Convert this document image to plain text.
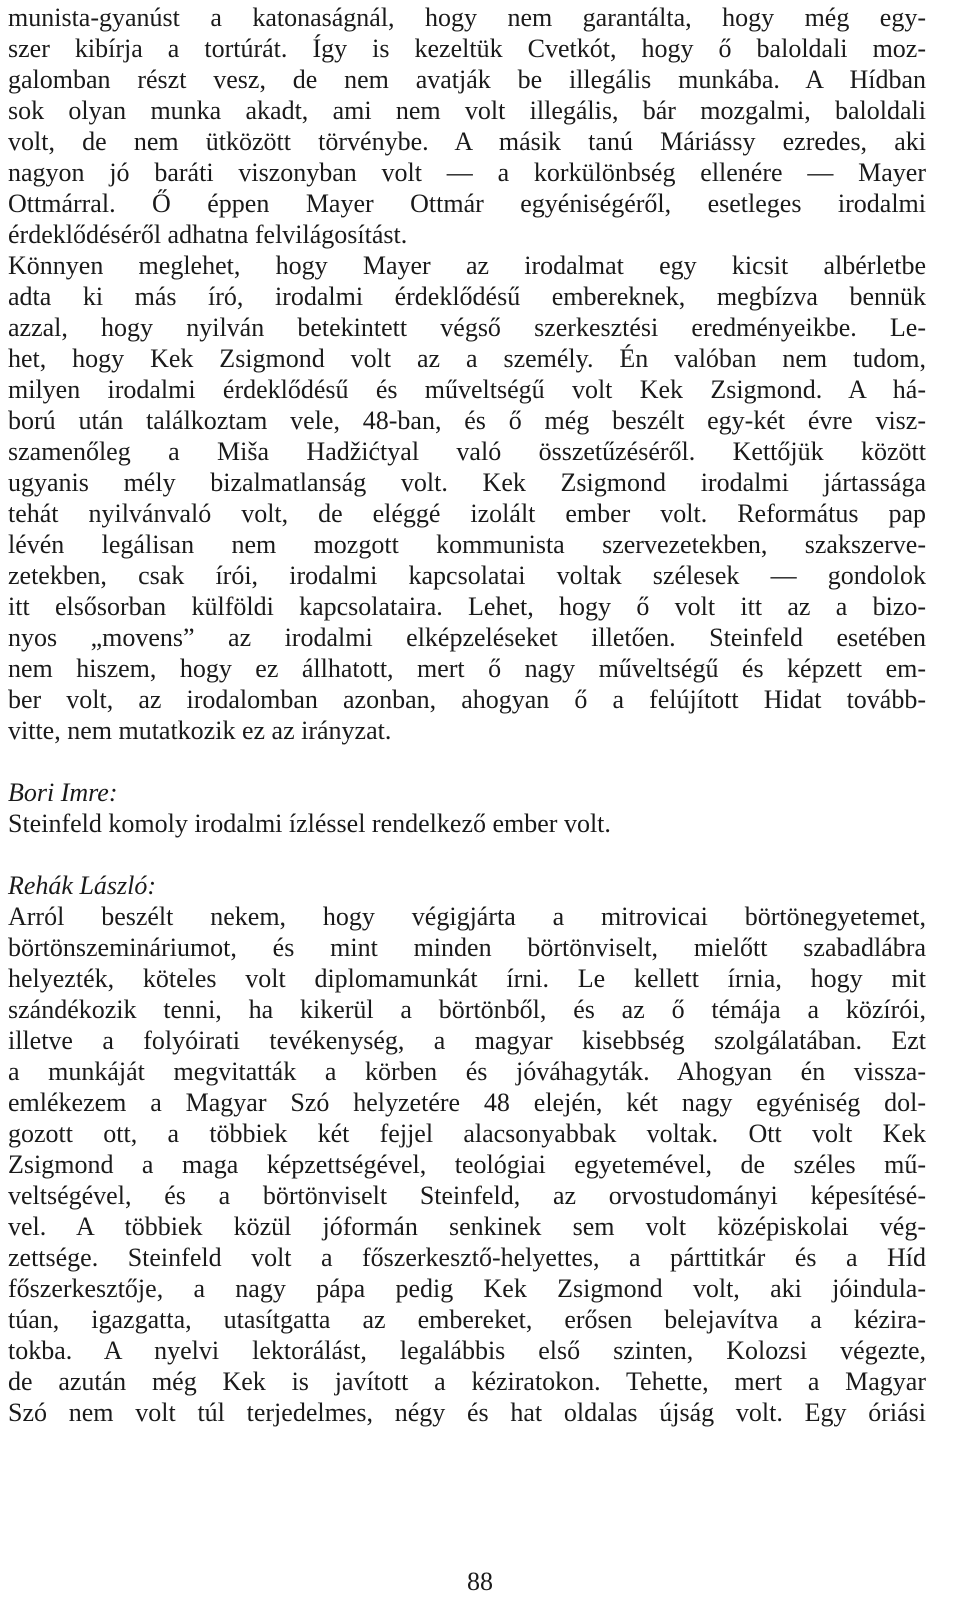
munista-gyanúst a katonaságnál, hogy nem garantálta, hogy még egy-
szer kibírja a tortúrát. Így is kezeltük Cvetkót, hogy ő baloldali moz-
galomban részt vesz, de nem avatják be illegális munkába. A Hídban
sok olyan munka akadt, ami nem volt illegális, bár mozgalmi, baloldali
volt, de nem ütközött törvénybe. A másik tanú Máriássy ezredes, aki
nagyon jó baráti viszonyban volt — a korkülönbség ellenére — Mayer
Ottmárral. Ő éppen Mayer Ottmár egyéniségéről, esetleges irodalmi
érdeklődéséről adhatna felvilágosítást.
Könnyen meglehet, hogy Mayer az irodalmat egy kicsit albérletbe
adta ki más író, irodalmi érdeklődésű embereknek, megbízva bennük
azzal, hogy nyilván betekintett végső szerkesztési eredményeikbe. Le-
het, hogy Kek Zsigmond volt az a személy. Én valóban nem tudom,
milyen irodalmi érdeklődésű és műveltségű volt Kek Zsigmond. A há-
ború után találkoztam vele, 48-ban, és ő még beszélt egy-két évre visz-
szamenőleg a Miša Hadžićtyal való összetűzéséről. Kettőjük között
ugyanis mély bizalmatlanság volt. Kek Zsigmond irodalmi jártassága
tehát nyilvánvaló volt, de eléggé izolált ember volt. Református pap
lévén legálisan nem mozgott kommunista szervezetekben, szakszerve-
zetekben, csak írói, irodalmi kapcsolatai voltak szélesek — gondolok
itt elsősorban külföldi kapcsolataira. Lehet, hogy ő volt itt az a bizo-
nyos „movens” az irodalmi elképzeléseket illetően. Steinfeld esetében
nem hiszem, hogy ez állhatott, mert ő nagy műveltségű és képzett em-
ber volt, az irodalomban azonban, ahogyan ő a felújított Hidat tovább-
vitte, nem mutatkozik ez az irányzat.
Bori Imre:
Steinfeld komoly irodalmi ízléssel rendelkező ember volt.
Rehák László:
Arról beszélt nekem, hogy végigjárta a mitrovicai börtönegyetemet,
börtönszemináriumot, és mint minden börtönviselt, mielőtt szabadlábra
helyezték, köteles volt diplomamunkát írni. Le kellett írnia, hogy mit
szándékozik tenni, ha kikerül a börtönből, és az ő témája a közírói,
illetve a folyóirati tevékenység, a magyar kisebbség szolgálatában. Ezt
a munkáját megvitatták a körben és jóváhagyták. Ahogyan én vissza-
emlékezem a Magyar Szó helyzetére 48 elején, két nagy egyéniség dol-
gozott ott, a többiek két fejjel alacsonyabbak voltak. Ott volt Kek
Zsigmond a maga képzettségével, teológiai egyetemével, de széles mű-
veltségével, és a börtönviselt Steinfeld, az orvostudományi képesítésé-
vel. A többiek közül jóformán senkinek sem volt középiskolai vég-
zettsége. Steinfeld volt a főszerkesztő-helyettes, a párttitkár és a Híd
főszerkesztője, a nagy pápa pedig Kek Zsigmond volt, aki jóindula-
túan, igazgatta, utasítgatta az embereket, erősen belejavítva a kézira-
tokba. A nyelvi lektorálást, legalábbis első szinten, Kolozsi végezte,
de azután még Kek is javított a kéziratokon. Tehette, mert a Magyar
Szó nem volt túl terjedelmes, négy és hat oldalas újság volt. Egy óriási
88
